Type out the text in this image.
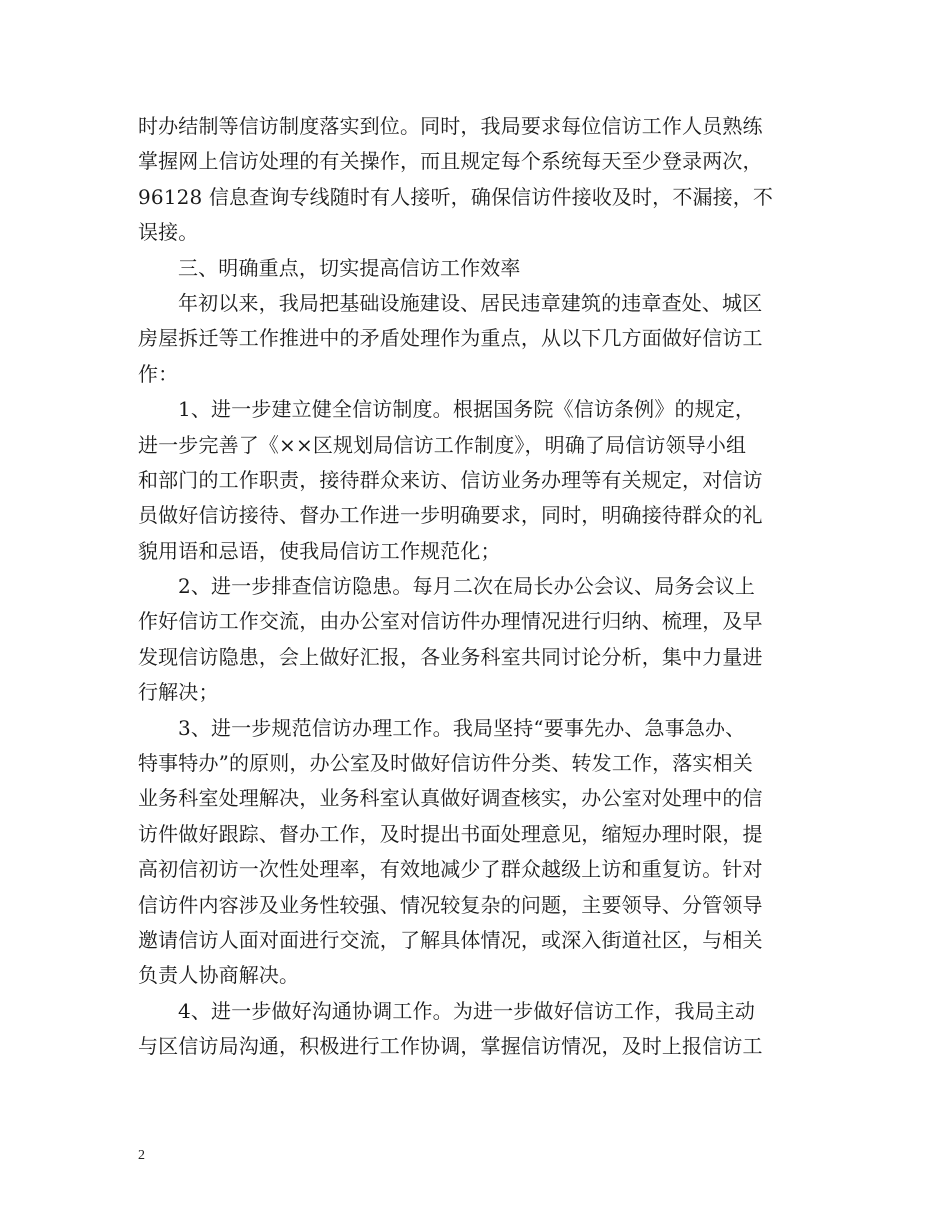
时办结制等信访制度落实到位。同时，我局要求每位信访工作人员熟练
掌握网上信访处理的有关操作，而且规定每个系统每天至少登录两次，
96128 信息查询专线随时有人接听，确保信访件接收及时，不漏接，不
误接。
三、明确重点，切实提高信访工作效率
年初以来，我局把基础设施建设、居民违章建筑的违章查处、城区
房屋拆迁等工作推进中的矛盾处理作为重点，从以下几方面做好信访工
作：
1、进一步建立健全信访制度。根据国务院《信访条例》的规定，
进一步完善了《××区规划局信访工作制度》，明确了局信访领导小组
和部门的工作职责，接待群众来访、信访业务办理等有关规定，对信访
员做好信访接待、督办工作进一步明确要求，同时，明确接待群众的礼
貌用语和忌语，使我局信访工作规范化；
2、进一步排查信访隐患。每月二次在局长办公会议、局务会议上
作好信访工作交流，由办公室对信访件办理情况进行归纳、梳理，及早
发现信访隐患，会上做好汇报，各业务科室共同讨论分析，集中力量进
行解决；
3、进一步规范信访办理工作。我局坚持“要事先办、急事急办、
特事特办”的原则，办公室及时做好信访件分类、转发工作，落实相关
业务科室处理解决，业务科室认真做好调查核实，办公室对处理中的信
访件做好跟踪、督办工作，及时提出书面处理意见，缩短办理时限，提
高初信初访一次性处理率，有效地减少了群众越级上访和重复访。针对
信访件内容涉及业务性较强、情况较复杂的问题，主要领导、分管领导
邀请信访人面对面进行交流，了解具体情况，或深入街道社区，与相关
负责人协商解决。
4、进一步做好沟通协调工作。为进一步做好信访工作，我局主动
与区信访局沟通，积极进行工作协调，掌握信访情况，及时上报信访工
2
